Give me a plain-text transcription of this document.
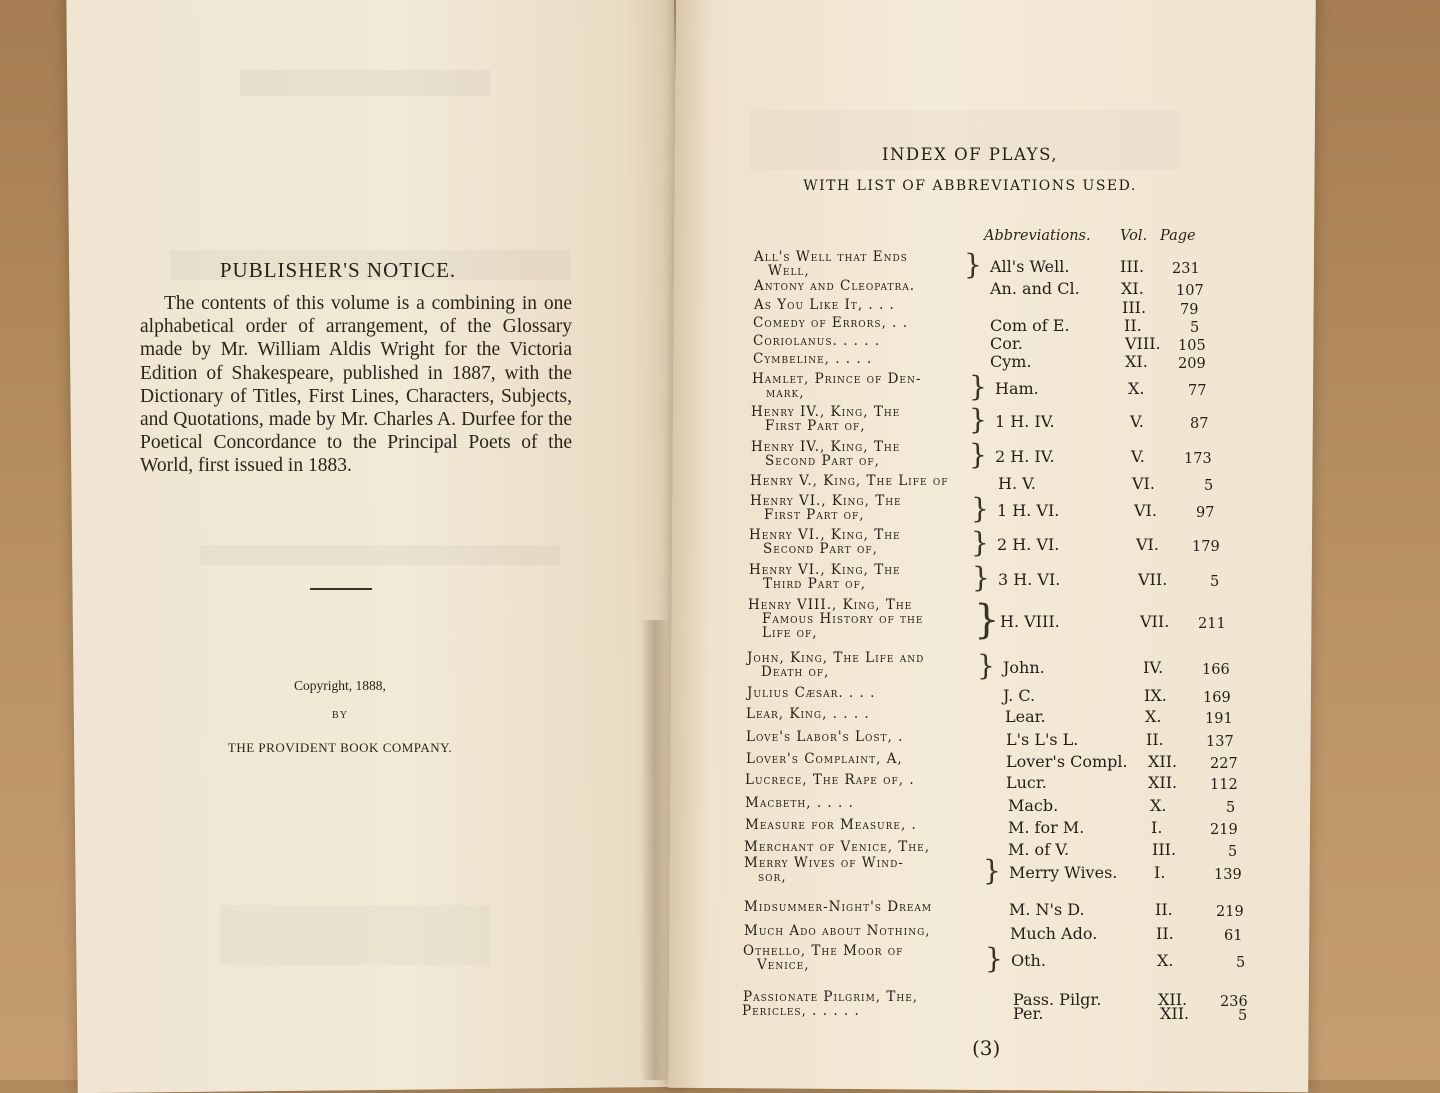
PUBLISHER'S NOTICE.
The contents of this volume is a combining in one alphabetical order of arrangement, of the Glossary made by Mr. William Aldis Wright for the Victoria Edition of Shakespeare, published in 1887, with the Dictionary of Titles, First Lines, Characters, Subjects, and Quotations, made by Mr. Charles A. Durfee for the Poetical Concordance to the Principal Poets of the World, first issued in 1883.
Copyright, 1888,
BY
THE PROVIDENT BOOK COMPANY.
INDEX OF PLAYS,
WITH LIST OF ABBREVIATIONS USED.
Abbreviations. Vol. Page
All's Well that Ends
Well,	} All's Well.	III. 231
Antony and Cleopatra.	An. and Cl.	XI. 107
As You Like It, . . .	III. 79
Comedy of Errors, . .	Com of E.	II.	5
Coriolanus. . . . .	Cor.	VIII. 105
Cymbeline, . . . .	Cym.	XI. 209
Hamlet, Prince of Den-
mark,	} Ham.	X.	77
Henry IV., King, The
First Part of,	} 1 H. IV.	V.	87
Henry IV., King, The
Second Part of,	} 2 H. IV.	V.	173
Henry V., King, The Life of	H. V.	VI.	5
Henry VI., King, The
First Part of,	} 1 H. VI.	VI.	97
Henry VI., King, The
Second Part of,	} 2 H. VI.	VI. 179
Henry VI., King, The
Third Part of,	} 3 H. VI.	VII.	5
Henry VIII., King, The
Famous History of the
Life of,	} H. VIII.	VII. 211
John, King, The Life and
Death of,	} John.	IV.	166
Julius Cæsar. . . .	J. C.	IX. 169
Lear, King, . . . .	Lear.	X.	191
Love's Labor's Lost, .	L's L's L.	II.	137
Lover's Complaint, A,	Lover's Compl. XII. 227
Lucrece, The Rape of, .	Lucr.	XII. 112
Macbeth, . . . .	Macb.	X.	5
Measure for Measure, .	M. for M.	I.	219
Merchant of Venice, The,	M. of V.	III.	5
Merry Wives of Wind-
sor,	} Merry Wives. I.	139
Midsummer-Night's Dream	M. N's D.	II.	219
Much Ado about Nothing,	Much Ado.	II.	61
Othello, The Moor of
Venice,	} Oth.	X.	5
Passionate Pilgrim, The,	Pass. Pilgr.	XII. 236
Pericles, . . . . .	Per.	XII.	5
(3)
